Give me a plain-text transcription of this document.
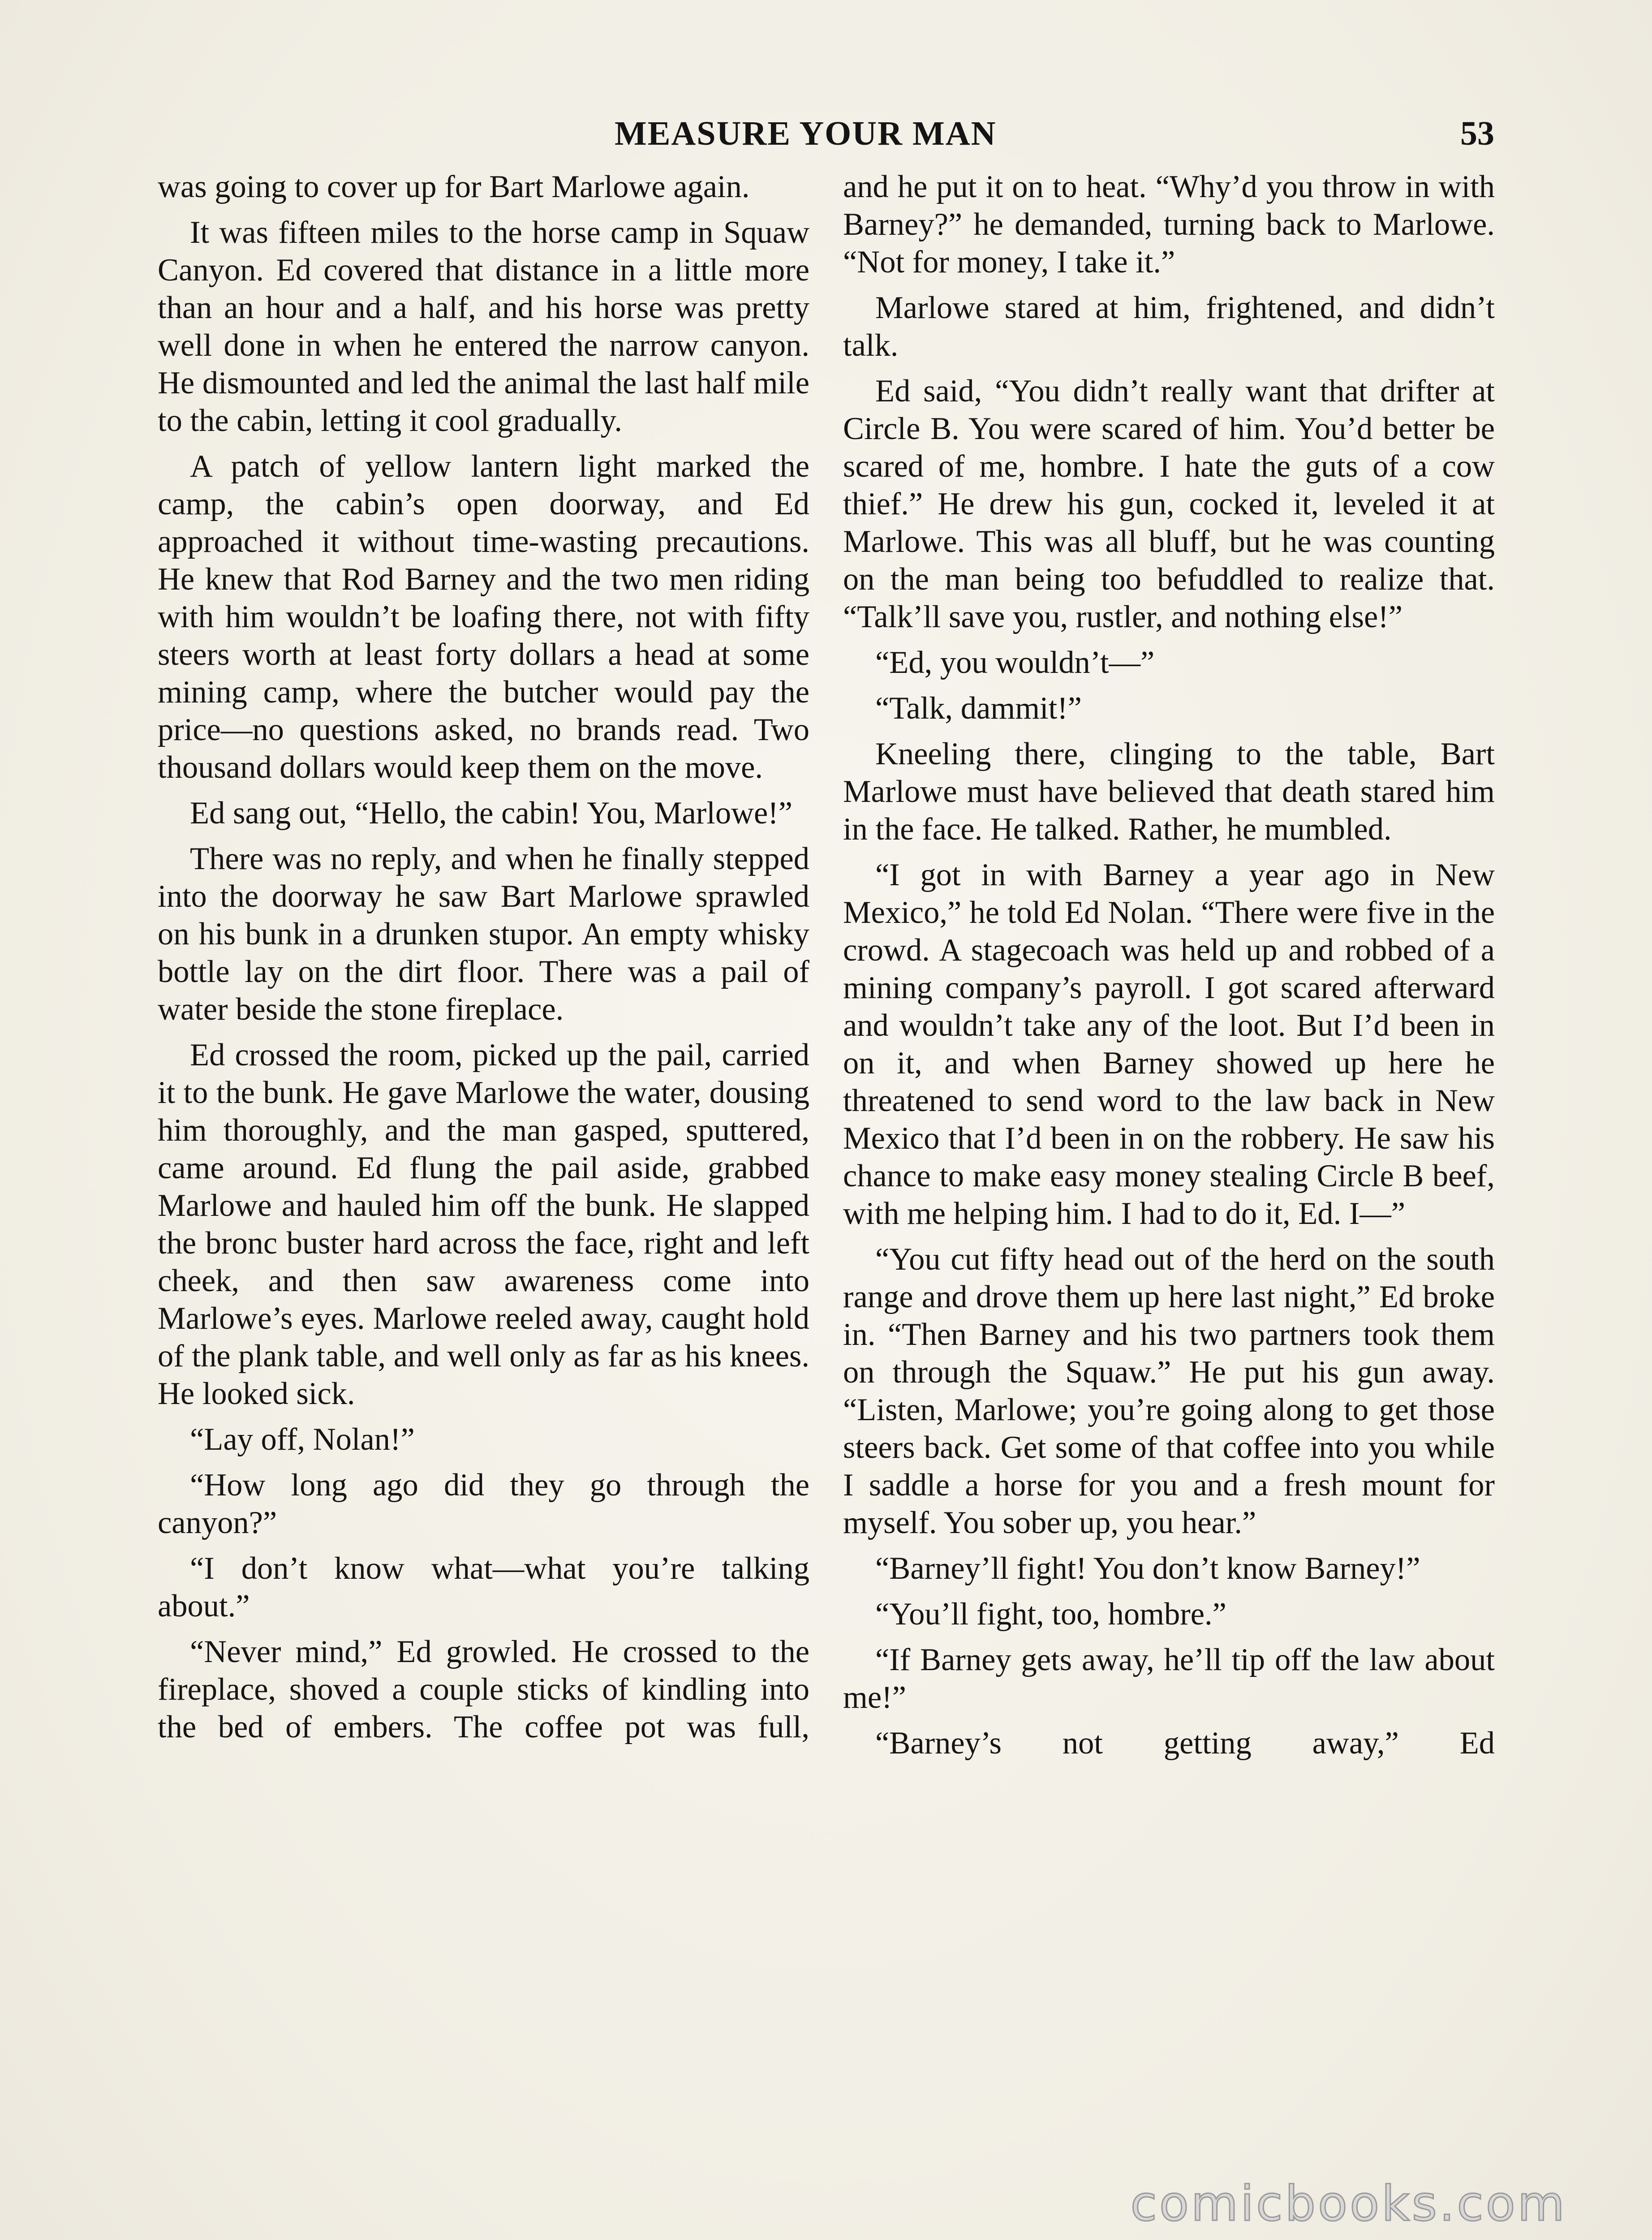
MEASURE YOUR MAN	53

was going to cover up for Bart Marlowe again.

It was fifteen miles to the horse camp in Squaw Canyon. Ed covered that distance in a little more than an hour and a half, and his horse was pretty well done in when he entered the narrow canyon. He dismounted and led the animal the last half mile to the cabin, letting it cool gradually.

A patch of yellow lantern light marked the camp, the cabin’s open doorway, and Ed approached it without time-wasting precautions. He knew that Rod Barney and the two men riding with him wouldn’t be loafing there, not with fifty steers worth at least forty dollars a head at some mining camp, where the butcher would pay the price—no questions asked, no brands read. Two thousand dollars would keep them on the move.

Ed sang out, “Hello, the cabin! You, Marlowe!”

There was no reply, and when he finally stepped into the doorway he saw Bart Marlowe sprawled on his bunk in a drunken stupor. An empty whisky bottle lay on the dirt floor. There was a pail of water beside the stone fireplace.

Ed crossed the room, picked up the pail, carried it to the bunk. He gave Marlowe the water, dousing him thoroughly, and the man gasped, sputtered, came around. Ed flung the pail aside, grabbed Marlowe and hauled him off the bunk. He slapped the bronc buster hard across the face, right and left cheek, and then saw awareness come into Marlowe’s eyes. Marlowe reeled away, caught hold of the plank table, and well only as far as his knees. He looked sick.

“Lay off, Nolan!”

“How long ago did they go through the canyon?”

“I don’t know what—what you’re talking about.”

“Never mind,” Ed growled. He crossed to the fireplace, shoved a couple sticks of kindling into the bed of embers. The coffee pot was full,

and he put it on to heat. “Why’d you throw in with Barney?” he demanded, turning back to Marlowe. “Not for money, I take it.”

Marlowe stared at him, frightened, and didn’t talk.

Ed said, “You didn’t really want that drifter at Circle B. You were scared of him. You’d better be scared of me, hombre. I hate the guts of a cow thief.” He drew his gun, cocked it, leveled it at Marlowe. This was all bluff, but he was counting on the man being too befuddled to realize that. “Talk’ll save you, rustler, and nothing else!”

“Ed, you wouldn’t—”

“Talk, dammit!”

Kneeling there, clinging to the table, Bart Marlowe must have believed that death stared him in the face. He talked. Rather, he mumbled.

“I got in with Barney a year ago in New Mexico,” he told Ed Nolan. “There were five in the crowd. A stagecoach was held up and robbed of a mining company’s payroll. I got scared afterward and wouldn’t take any of the loot. But I’d been in on it, and when Barney showed up here he threatened to send word to the law back in New Mexico that I’d been in on the robbery. He saw his chance to make easy money stealing Circle B beef, with me helping him. I had to do it, Ed. I—”

“You cut fifty head out of the herd on the south range and drove them up here last night,” Ed broke in. “Then Barney and his two partners took them on through the Squaw.” He put his gun away. “Listen, Marlowe; you’re going along to get those steers back. Get some of that coffee into you while I saddle a horse for you and a fresh mount for myself. You sober up, you hear.”

“Barney’ll fight! You don’t know Barney!”

“You’ll fight, too, hombre.”

“If Barney gets away, he’ll tip off the law about me!”

“Barney’s not getting away,” Ed

comicbooks.com
